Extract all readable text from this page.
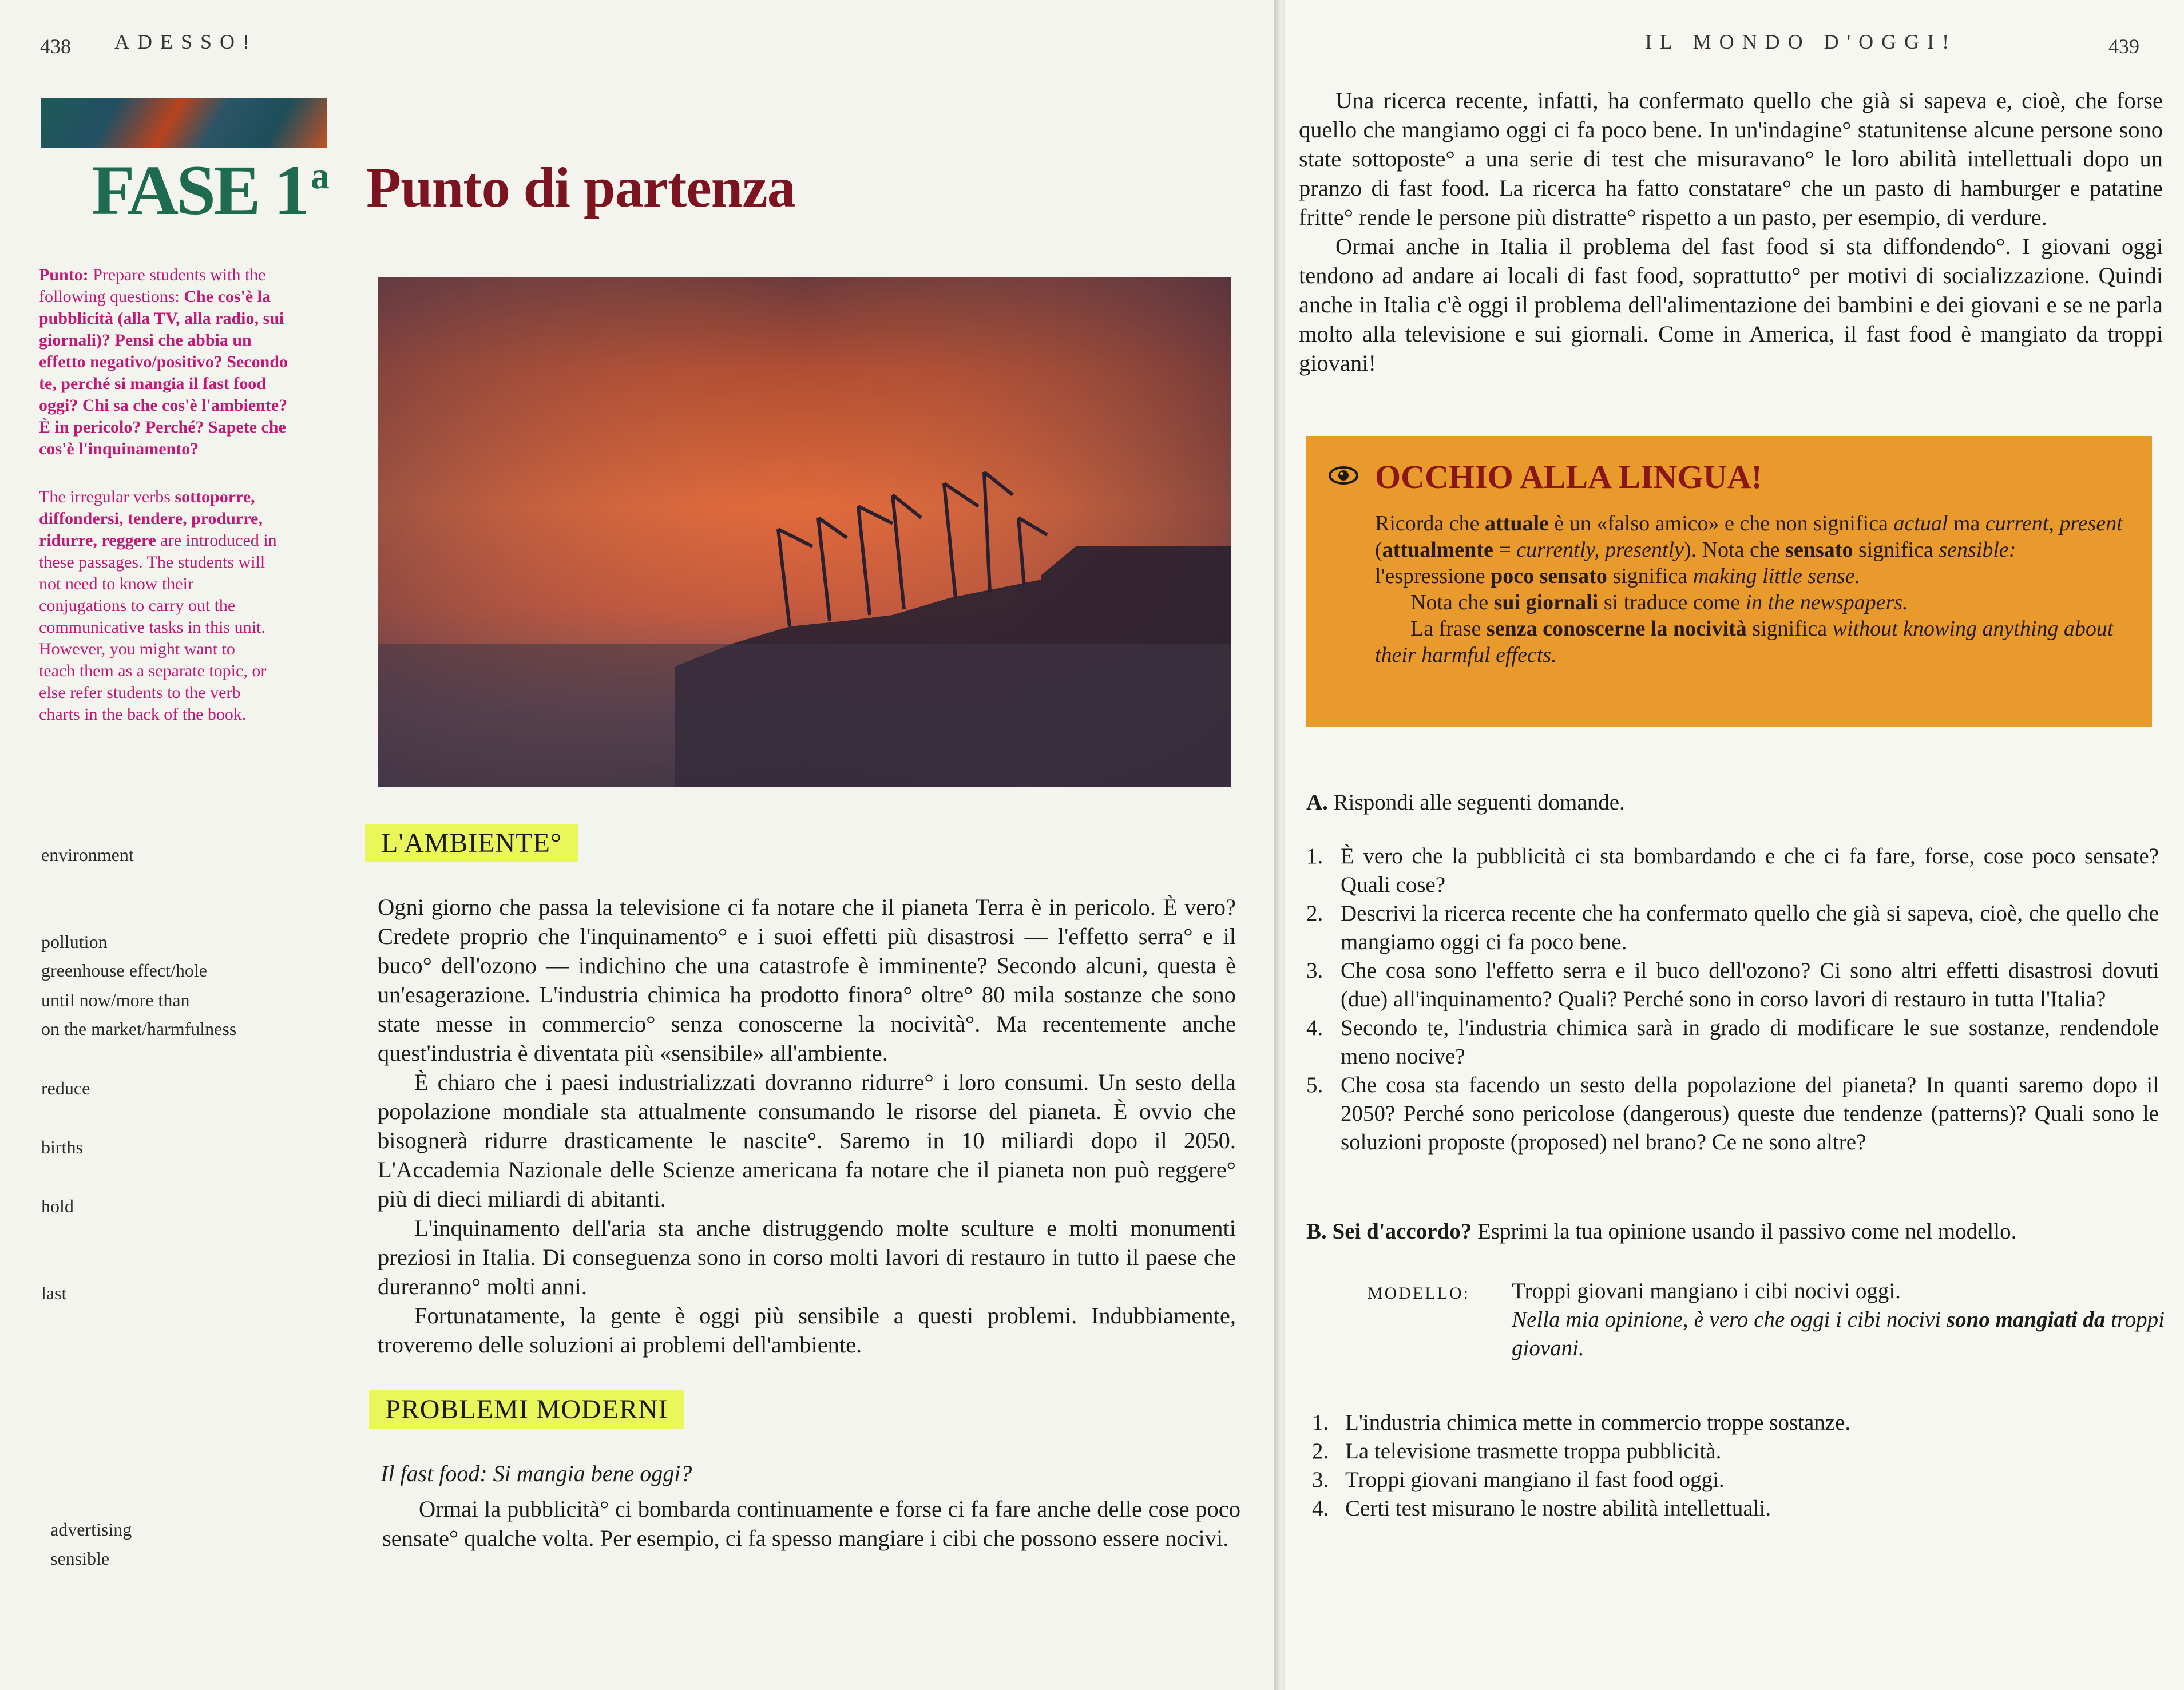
438 ADESSO!
FASE 1$^a$ Punto di partenza
Punto: Prepare students with the
following questions: Che cos'è la
pubblicità (alla TV, alla radio, sui
giornali)? Pensi che abbia un
effetto negativo/positivo? Secondo
te, perché si mangia il fast food
oggi? Chi sa che cos'è l'ambiente?
È in pericolo? Perché? Sapete che
cos'è l'inquinamento?
The irregular verbs sottoporre,
diffondersi, tendere, produrre,
ridurre, reggere are introduced in
these passages. The students will
not need to know their
conjugations to carry out the
communicative tasks in this unit.
However, you might want to
teach them as a separate topic, or
else refer students to the verb
charts in the back of the book.
environment
pollution
greenhouse effect/hole
until now/more than
on the market/harmfulness
reduce
births
hold
last
advertising
sensible
L'AMBIENTE°

Ogni giorno che passa la televisione ci fa notare che il pianeta Terra è in pericolo. È vero? Credete proprio che l'inquinamento° e i suoi effetti più disastrosi — l'effetto serra° e il buco° dell'ozono — indichino che una catastrofe è imminente? Secondo alcuni, questa è un'esagerazione. L'industria chimica ha prodotto finora° oltre° 80 mila sostanze che sono state messe in commercio° senza conoscerne la nocività°. Ma recentemente anche quest'industria è diventata più «sensibile» all'ambiente.

È chiaro che i paesi industrializzati dovranno ridurre° i loro consumi. Un sesto della popolazione mondiale sta attualmente consumando le risorse del pianeta. È ovvio che bisognerà ridurre drasticamente le nascite°. Saremo in 10 miliardi dopo il 2050. L'Accademia Nazionale delle Scienze americana fa notare che il pianeta non può reggere° più di dieci miliardi di abitanti.

L'inquinamento dell'aria sta anche distruggendo molte sculture e molti monumenti preziosi in Italia. Di conseguenza sono in corso molti lavori di restauro in tutto il paese che dureranno° molti anni.

Fortunatamente, la gente è oggi più sensibile a questi problemi. Indubbiamente, troveremo delle soluzioni ai problemi dell'ambiente.

PROBLEMI MODERNI
Il fast food: Si mangia bene oggi?

Ormai la pubblicità° ci bombarda continuamente e forse ci fa fare anche delle cose poco sensate° qualche volta. Per esempio, ci fa spesso mangiare i cibi che possono essere nocivi.

IL MONDO D'OGGI!	439

Una ricerca recente, infatti, ha confermato quello che già si sapeva e, cioè, che forse quello che mangiamo oggi ci fa poco bene. In un'indagine° statunitense alcune persone sono state sottoposte° a una serie di test che misuravano° le loro abilità intellettuali dopo un pranzo di fast food. La ricerca ha fatto constatare° che un pasto di hamburger e patatine fritte° rende le persone più distratte° rispetto a un pasto, per esempio, di verdure.

Ormai anche in Italia il problema del fast food si sta diffondendo°. I giovani oggi tendono ad andare ai locali di fast food, soprattutto° per motivi di socializzazione. Quindi anche in Italia c'è oggi il problema dell'alimentazione dei bambini e dei giovani e se ne parla molto alla televisione e sui giornali. Come in America, il fast food è mangiato da troppi giovani!

OCCHIO ALLA LINGUA!

Ricorda che attuale è un «falso amico» e che non significa actual ma current, present (attualmente = currently, presently). Nota che sensato significa sensible: l'espressione poco sensato significa making little sense.

Nota che sui giornali si traduce come in the newspapers.

La frase senza conoscerne la nocività significa without knowing anything about their harmful effects.

A. Rispondi alle seguenti domande.
1. È vero che la pubblicità ci sta bombardando e che ci fa fare, forse, cose poco sensate? Quali cose?
2. Descrivi la ricerca recente che ha confermato quello che già si sapeva, cioè, che quello che mangiamo oggi ci fa poco bene.
3. Che cosa sono l'effetto serra e il buco dell'ozono? Ci sono altri effetti disastrosi dovuti (due) all'inquinamento? Quali? Perché sono in corso lavori di restauro in tutta l'Italia?
4. Secondo te, l'industria chimica sarà in grado di modificare le sue sostanze, rendendole meno nocive?
5. Che cosa sta facendo un sesto della popolazione del pianeta? In quanti saremo dopo il 2050? Perché sono pericolose (dangerous) queste due tendenze (patterns)? Quali sono le soluzioni proposte (proposed) nel brano? Ce ne sono altre?
B. Sei d'accordo? Esprimi la tua opinione usando il passivo come nel modello.
MODELLO: Troppi giovani mangiano i cibi nocivi oggi.
Nella mia opinione, è vero che oggi i cibi nocivi sono mangiati da troppi giovani.
1. L'industria chimica mette in commercio troppe sostanze.
2. La televisione trasmette troppa pubblicità.
3. Troppi giovani mangiano il fast food oggi.
4. Certi test misurano le nostre abilità intellettuali.
